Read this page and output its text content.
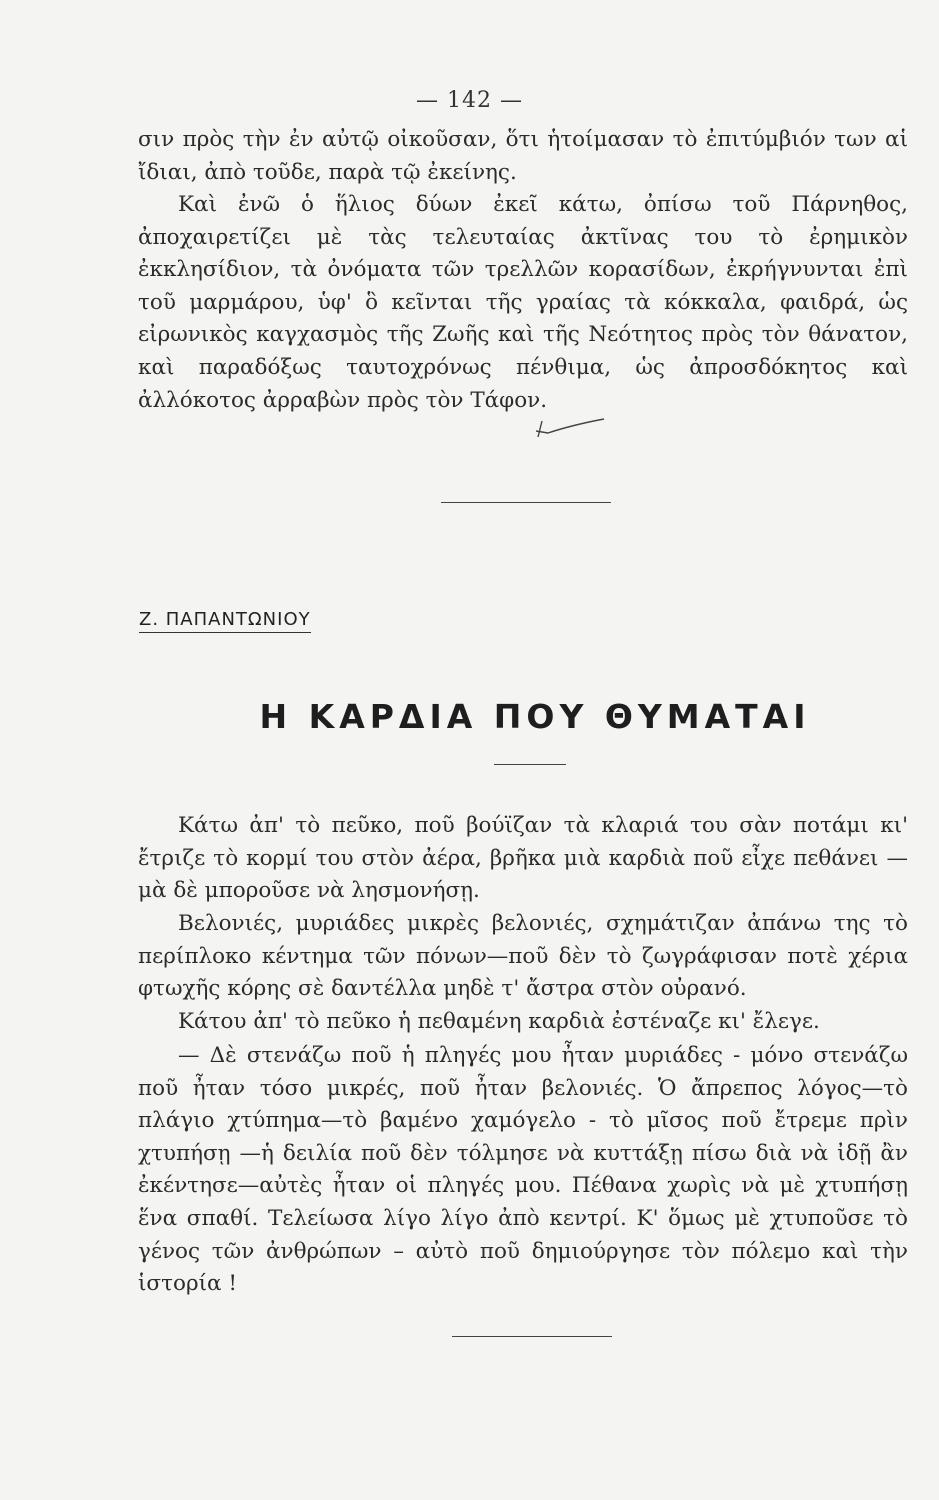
— 142 —

σιν πρὸς τὴν ἐν αὐτῷ οἰκοῦσαν, ὅτι ἡτοίμασαν τὸ ἐπιτύμβιόν των αἱ ἴδιαι, ἀπὸ τοῦδε, παρὰ τῷ ἐκείνης.

Καὶ ἐνῶ ὁ ἥλιος δύων ἐκεῖ κάτω, ὀπίσω τοῦ Πάρνηθος, ἀποχαιρετίζει μὲ τὰς τελευταίας ἀκτῖνας του τὸ ἐρημικὸν ἐκκλησίδιον, τὰ ὀνόματα τῶν τρελλῶν κορασίδων, ἐκρήγνυνται ἐπὶ τοῦ μαρμάρου, ὑφ' ὃ κεῖνται τῆς γραίας τὰ κόκκαλα, φαιδρά, ὡς εἰρωνικὸς καγχασμὸς τῆς Ζωῆς καὶ τῆς Νεότητος πρὸς τὸν θάνατον, καὶ παραδόξως ταυτοχρόνως πένθιμα, ὡς ἀπροσδόκητος καὶ ἀλλόκοτος ἀρραβὼν πρὸς τὸν Τάφον.

Ζ. ΠΑΠΑΝΤΩΝΙΟΥ
Η ΚΑΡΔΙΑ ΠΟΥ ΘΥΜΑΤΑΙ

Κάτω ἀπ' τὸ πεῦκο, ποῦ βούϊζαν τὰ κλαριά του σὰν ποτάμι κι' ἔτριζε τὸ κορμί του στὸν ἀέρα, βρῆκα μιὰ καρδιὰ ποῦ εἶχε πεθάνει —μὰ δὲ μποροῦσε νὰ λησμονήσῃ.

Βελονιές, μυριάδες μικρὲς βελονιές, σχημάτιζαν ἀπάνω της τὸ περίπλοκο κέντημα τῶν πόνων—ποῦ δὲν τὸ ζωγράφισαν ποτὲ χέρια φτωχῆς κόρης σὲ δαντέλλα μηδὲ τ' ἄστρα στὸν οὐρανό.

Κάτου ἀπ' τὸ πεῦκο ἡ πεθαμένη καρδιὰ ἐστέναζε κι' ἔλεγε.

— Δὲ στενάζω ποῦ ἡ πληγές μου ἦταν μυριάδες - μόνο στενάζω ποῦ ἦταν τόσο μικρές, ποῦ ἦταν βελονιές. Ὁ ἄπρεπος λόγος—τὸ πλάγιο χτύπημα—τὸ βαμένο χαμόγελο - τὸ μῖσος ποῦ ἔτρεμε πρὶν χτυπήσῃ —ἡ δειλία ποῦ δὲν τόλμησε νὰ κυττάξῃ πίσω διὰ νὰ ἰδῇ ἂν ἐκέντησε—αὐτὲς ἦταν οἱ πληγές μου. Πέθανα χωρὶς νὰ μὲ χτυπήσῃ ἕνα σπαθί. Τελείωσα λίγο λίγο ἀπὸ κεντρί. Κ' ὅμως μὲ χτυποῦσε τὸ γένος τῶν ἀνθρώπων – αὐτὸ ποῦ δημιούργησε τὸν πόλεμο καὶ τὴν ἱστορία !
